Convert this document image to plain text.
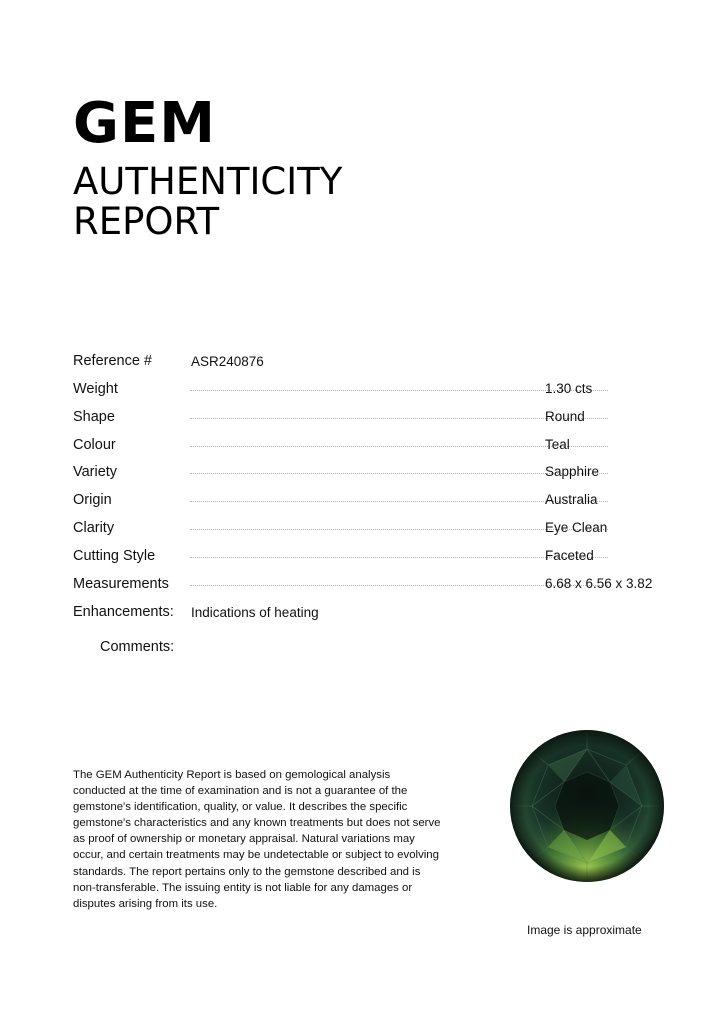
GEM
AUTHENTICITY
REPORT
Reference #	ASR240876
Weight	1.30 cts
Shape	Round
Colour	Teal
Variety	Sapphire
Origin	Australia
Clarity	Eye Clean
Cutting Style	Faceted
Measurements	6.68 x 6.56 x 3.82
Enhancements: Indications of heating
Comments:
The GEM Authenticity Report is based on gemological analysis conducted at the time of examination and is not a guarantee of the gemstone's identification, quality, or value. It describes the specific gemstone's characteristics and any known treatments but does not serve as proof of ownership or monetary appraisal. Natural variations may occur, and certain treatments may be undetectable or subject to evolving standards. The report pertains only to the gemstone described and is non-transferable. The issuing entity is not liable for any damages or disputes arising from its use.
Image is approximate
